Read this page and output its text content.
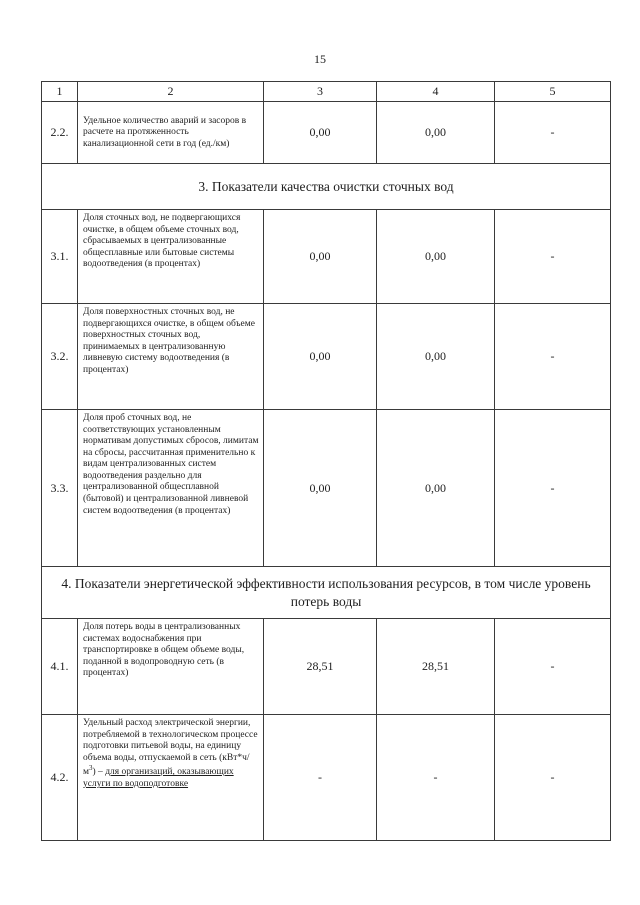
15
1	2	3	4	5
2.2.	Удельное количество аварий и засоров в расчете на протяженность канализационной сети в год (ед./км)	0,00	0,00	-
3. Показатели качества очистки сточных вод				
3.1.	Доля сточных вод, не подвергающихся очистке, в общем объеме сточных вод, сбрасываемых в централизованные общесплавные или бытовые системы водоотведения (в процентах)	0,00	0,00	-
3.2.	Доля поверхностных сточных вод, не подвергающихся очистке, в общем объеме поверхностных сточных вод, принимаемых в централизованную ливневую систему водоотведения (в процентах)	0,00	0,00	-
3.3.	Доля проб сточных вод, не соответствующих установленным нормативам допустимых сбросов, лимитам на сбросы, рассчитанная применительно к видам централизованных систем водоотведения раздельно для централизованной общесплавной (бытовой) и централизованной ливневой систем водоотведения (в процентах)	0,00	0,00	-
4. Показатели энергетической эффективности использования ресурсов, в том числе уровень потерь воды				
4.1.	Доля потерь воды в централизованных системах водоснабжения при транспортировке в общем объеме воды, поданной в водопроводную сеть (в процентах)	28,51	28,51	-
4.2.	Удельный расход электрической энергии, потребляемой в технологическом процессе подготовки питьевой воды, на единицу объема воды, отпускаемой в сеть $(кВт*ч/м^3)$ – для организаций, оказывающих услуги по водоподготовке	-	-	-
